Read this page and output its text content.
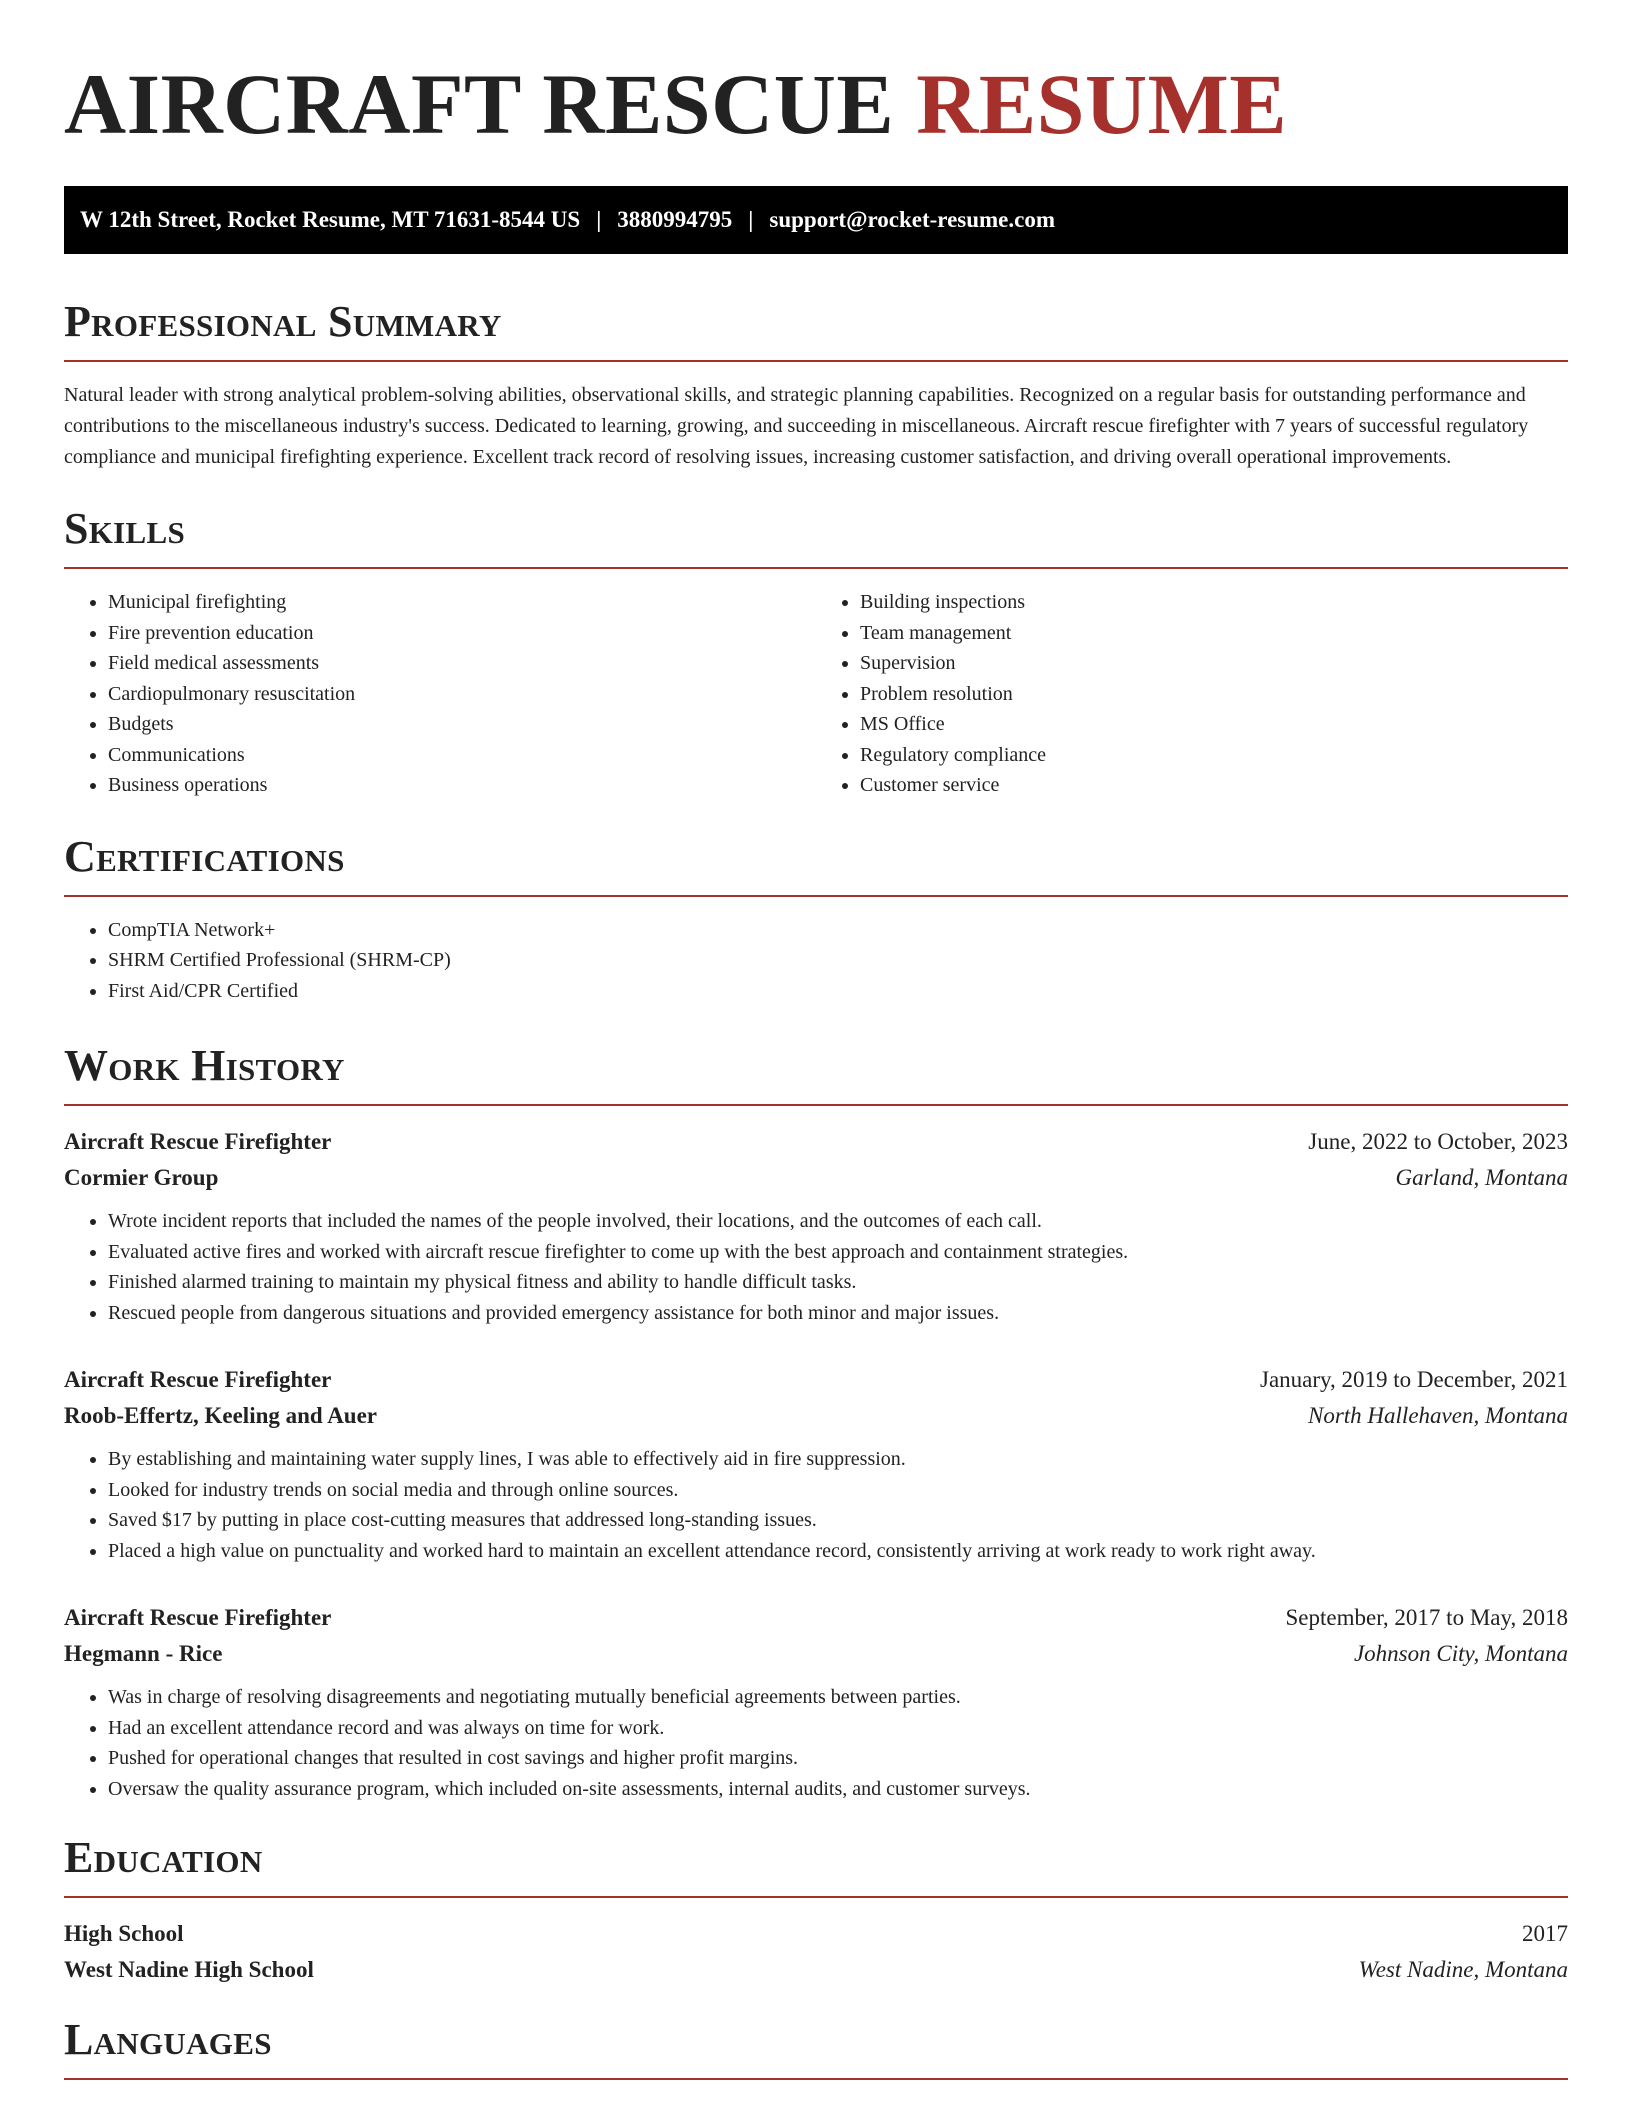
AIRCRAFT RESCUE RESUME
W 12th Street, Rocket Resume, MT 71631-8544 US | 3880994795 | support@rocket-resume.com
Professional Summary

Natural leader with strong analytical problem-solving abilities, observational skills, and strategic planning capabilities. Recognized on a regular basis for outstanding performance and contributions to the miscellaneous industry's success. Dedicated to learning, growing, and succeeding in miscellaneous. Aircraft rescue firefighter with 7 years of successful regulatory compliance and municipal firefighting experience. Excellent track record of resolving issues, increasing customer satisfaction, and driving overall operational improvements.

Skills
• Municipal firefighting
• Fire prevention education
• Field medical assessments
• Cardiopulmonary resuscitation
• Budgets
• Communications
• Business operations
• Building inspections
• Team management
• Supervision
• Problem resolution
• MS Office
• Regulatory compliance
• Customer service
Certifications
• CompTIA Network+
• SHRM Certified Professional (SHRM-CP)
• First Aid/CPR Certified
Work History
Aircraft Rescue Firefighter	June, 2022 to October, 2023
Cormier Group	Garland, Montana
• Wrote incident reports that included the names of the people involved, their locations, and the outcomes of each call.
• Evaluated active fires and worked with aircraft rescue firefighter to come up with the best approach and containment strategies.
• Finished alarmed training to maintain my physical fitness and ability to handle difficult tasks.
• Rescued people from dangerous situations and provided emergency assistance for both minor and major issues.
Aircraft Rescue Firefighter	January, 2019 to December, 2021
Roob-Effertz, Keeling and Auer	North Hallehaven, Montana
• By establishing and maintaining water supply lines, I was able to effectively aid in fire suppression.
• Looked for industry trends on social media and through online sources.
• Saved $17 by putting in place cost-cutting measures that addressed long-standing issues.
• Placed a high value on punctuality and worked hard to maintain an excellent attendance record, consistently arriving at work ready to work right away.
Aircraft Rescue Firefighter	September, 2017 to May, 2018
Hegmann - Rice	Johnson City, Montana
• Was in charge of resolving disagreements and negotiating mutually beneficial agreements between parties.
• Had an excellent attendance record and was always on time for work.
• Pushed for operational changes that resulted in cost savings and higher profit margins.
• Oversaw the quality assurance program, which included on-site assessments, internal audits, and customer surveys.
Education
High School	2017
West Nadine High School	West Nadine, Montana
Languages
